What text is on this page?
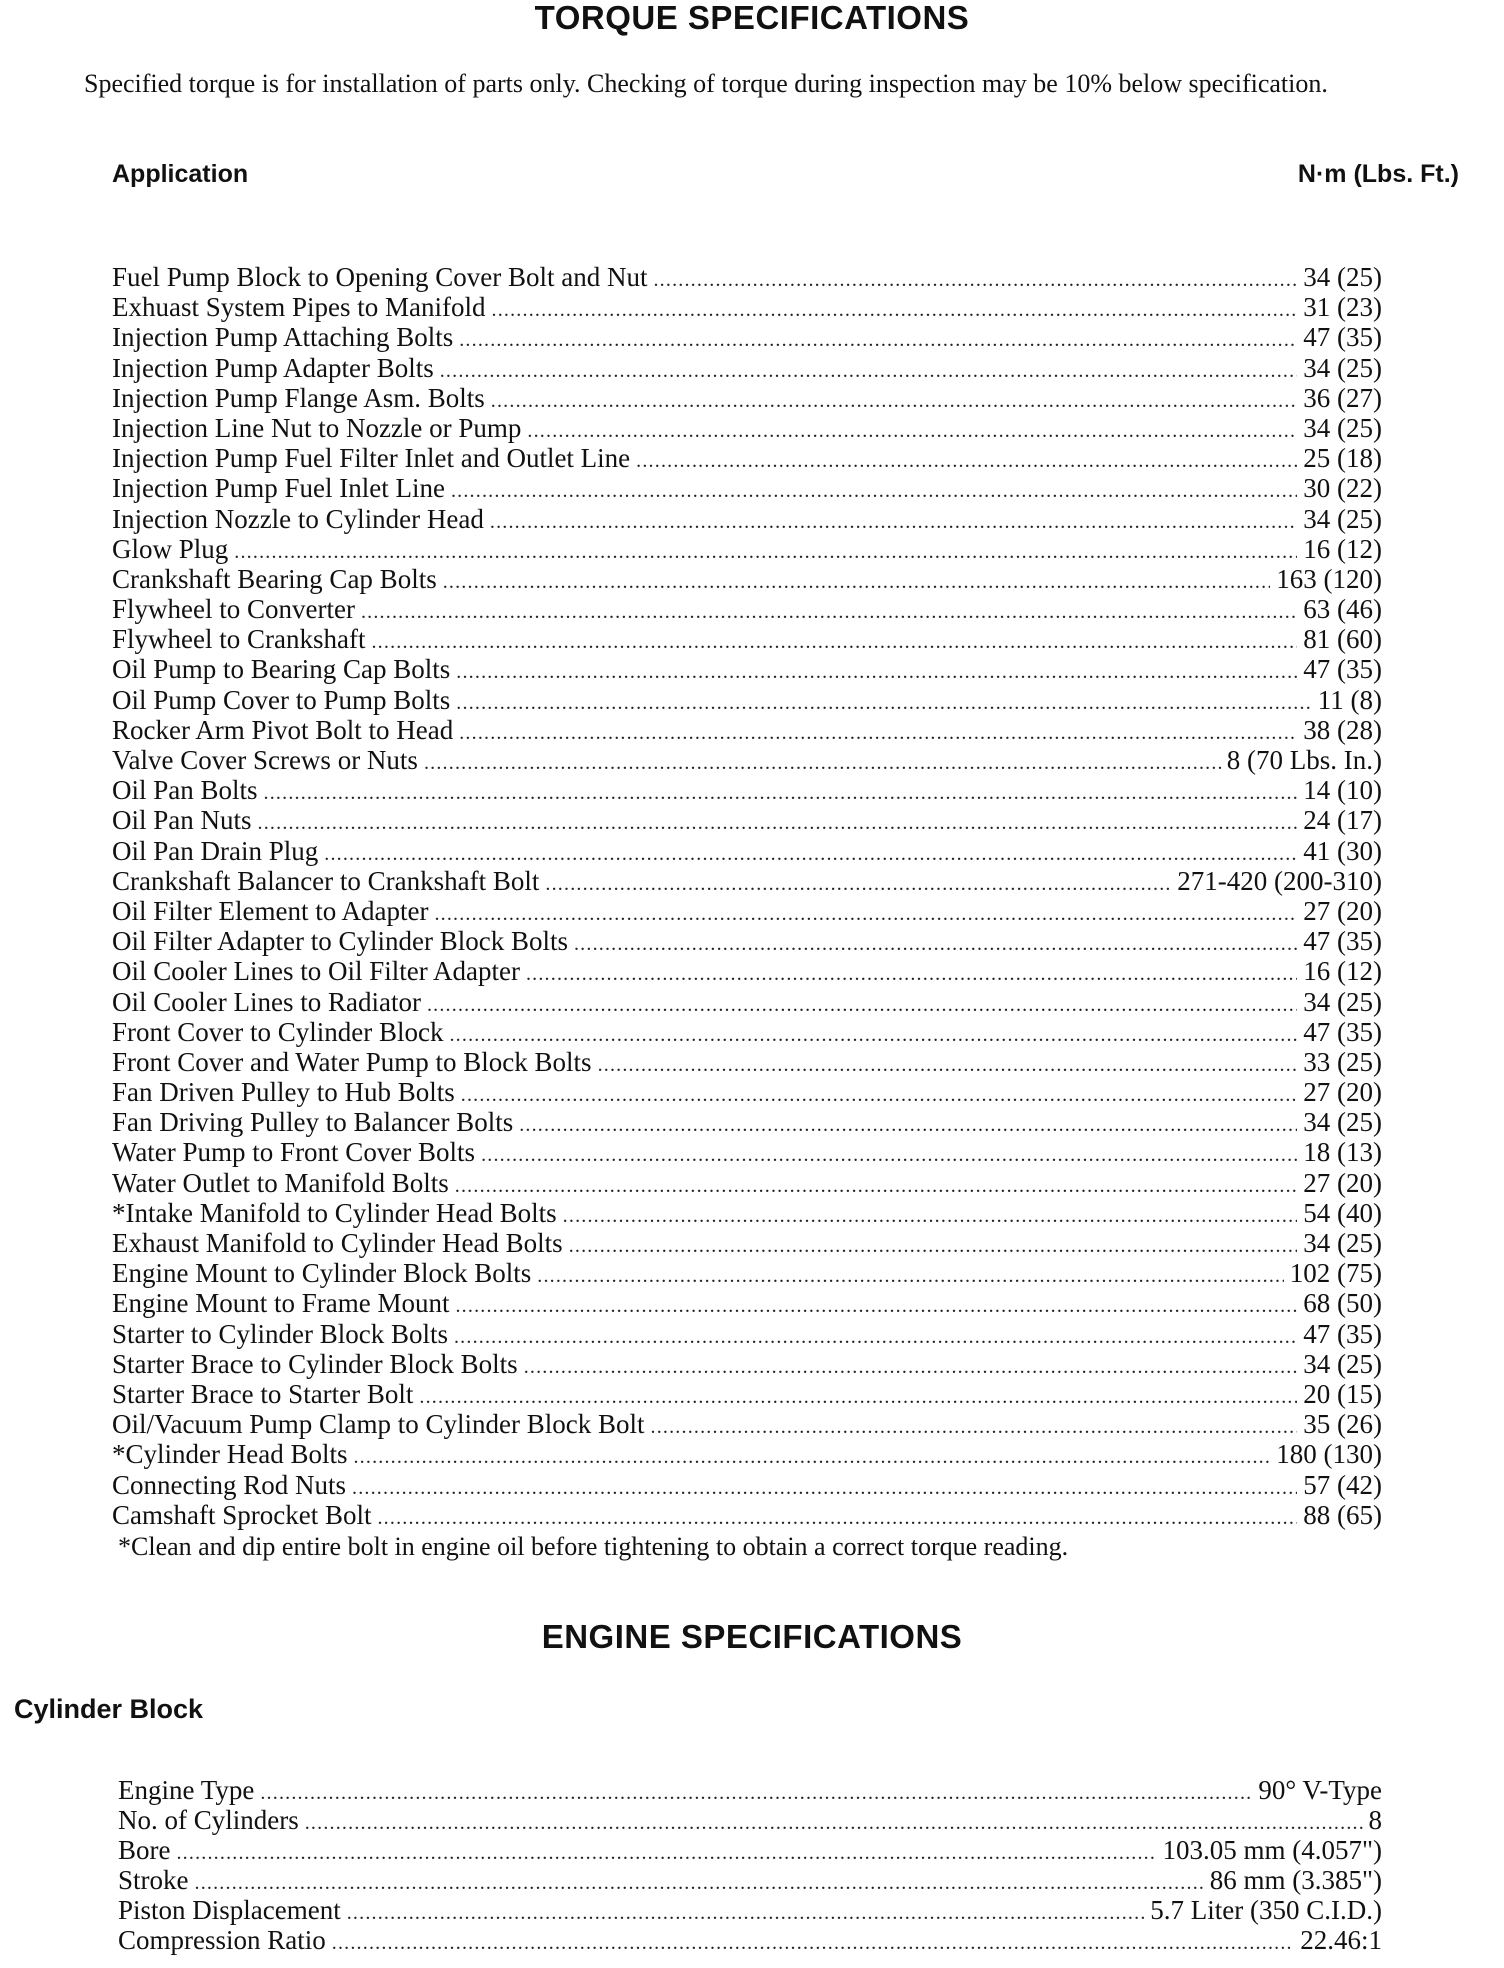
TORQUE SPECIFICATIONS

Specified torque is for installation of parts only. Checking of torque during inspection may be 10% below specification.

Application	N·m (Lbs. Ft.)
Fuel Pump Block to Opening Cover Bolt and Nut .....	34 (25)
Exhuast System Pipes to Manifold .....	31 (23)
Injection Pump Attaching Bolts .....	47 (35)
Injection Pump Adapter Bolts .....	34 (25)
Injection Pump Flange Asm. Bolts .....	36 (27)
Injection Line Nut to Nozzle or Pump .....	34 (25)
Injection Pump Fuel Filter Inlet and Outlet Line .....	25 (18)
Injection Pump Fuel Inlet Line .....	30 (22)
Injection Nozzle to Cylinder Head .....	34 (25)
Glow Plug .....	16 (12)
Crankshaft Bearing Cap Bolts .....	163 (120)
Flywheel to Converter .....	63 (46)
Flywheel to Crankshaft .....	81 (60)
Oil Pump to Bearing Cap Bolts .....	47 (35)
Oil Pump Cover to Pump Bolts .....	11 (8)
Rocker Arm Pivot Bolt to Head .....	38 (28)
Valve Cover Screws or Nuts .....	8 (70 Lbs. In.)
Oil Pan Bolts .....	14 (10)
Oil Pan Nuts .....	24 (17)
Oil Pan Drain Plug .....	41 (30)
Crankshaft Balancer to Crankshaft Bolt .....	271-420 (200-310)
Oil Filter Element to Adapter .....	27 (20)
Oil Filter Adapter to Cylinder Block Bolts .....	47 (35)
Oil Cooler Lines to Oil Filter Adapter .....	16 (12)
Oil Cooler Lines to Radiator .....	34 (25)
Front Cover to Cylinder Block .....	47 (35)
Front Cover and Water Pump to Block Bolts .....	33 (25)
Fan Driven Pulley to Hub Bolts .....	27 (20)
Fan Driving Pulley to Balancer Bolts .....	34 (25)
Water Pump to Front Cover Bolts .....	18 (13)
Water Outlet to Manifold Bolts .....	27 (20)
*Intake Manifold to Cylinder Head Bolts .....	54 (40)
Exhaust Manifold to Cylinder Head Bolts .....	34 (25)
Engine Mount to Cylinder Block Bolts .....	102 (75)
Engine Mount to Frame Mount .....	68 (50)
Starter to Cylinder Block Bolts .....	47 (35)
Starter Brace to Cylinder Block Bolts .....	34 (25)
Starter Brace to Starter Bolt .....	20 (15)
Oil/Vacuum Pump Clamp to Cylinder Block Bolt .....	35 (26)
*Cylinder Head Bolts .....	180 (130)
Connecting Rod Nuts .....	57 (42)
Camshaft Sprocket Bolt .....	88 (65)
*Clean and dip entire bolt in engine oil before tightening to obtain a correct torque reading.
ENGINE SPECIFICATIONS
Cylinder Block
Engine Type .....	90° V-Type
No. of Cylinders .....	8
Bore .....	103.05 mm (4.057")
Stroke .....	86 mm (3.385")
Piston Displacement .....	5.7 Liter (350 C.I.D.)
Compression Ratio .....	22.46:1
